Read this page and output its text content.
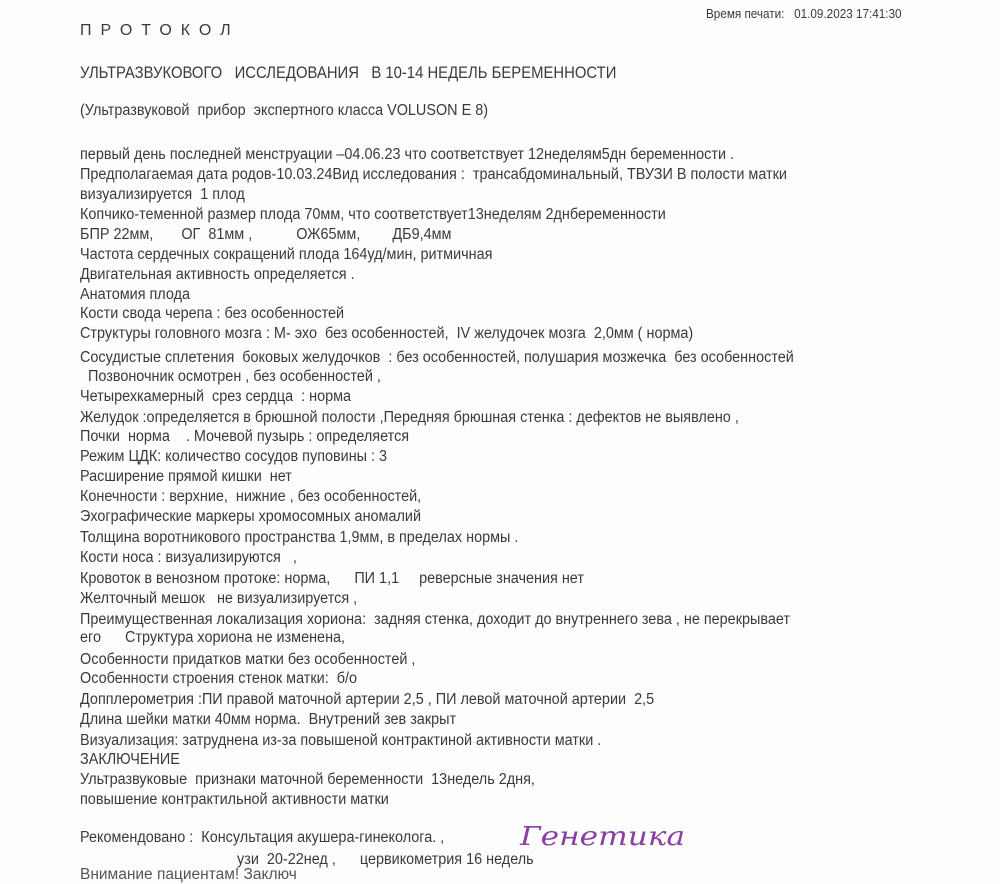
Время печати: 01.09.2023 17:41:30
ПРОТОКОЛ
УЛЬТРАЗВУКОВОГО   ИССЛЕДОВАНИЯ   В 10-14 НЕДЕЛЬ БЕРЕМЕННОСТИ
(Ультразвуковой  прибор  экспертного класса VOLUSON E 8)
первый день последней менструации –04.06.23 что соответствует 12неделям5дн беременности .
Предполагаемая дата родов-10.03.24Вид исследования :  трансабдоминальный, ТВУЗИ В полости матки
визуализируется  1 плод
Копчико-теменной размер плода 70мм, что соответствует13неделям 2днбеременности
БПР 22мм,       ОГ  81мм ,           ОЖ65мм,        ДБ9,4мм
Частота сердечных сокращений плода 164уд/мин, ритмичная
Двигательная активность определяется .
Анатомия плода
Кости свода черепа : без особенностей
Структуры головного мозга : М- эхо  без особенностей,  IV желудочек мозга  2,0мм ( норма)
Сосудистые сплетения  боковых желудочков  : без особенностей, полушария мозжечка  без особенностей
Позвоночник осмотрен , без особенностей ,
Четырехкамерный  срез сердца  : норма
Желудок :определяется в брюшной полости ,Передняя брюшная стенка : дефектов не выявлено ,
Почки  норма    . Мочевой пузырь : определяется
Режим ЦДК: количество сосудов пуповины : 3
Расширение прямой кишки  нет
Конечности : верхние,  нижние , без особенностей,
Эхографические маркеры хромосомных аномалий
Толщина воротникового пространства 1,9мм, в пределах нормы .
Кости носа : визуализируются   ,
Кровоток в венозном протоке: норма,      ПИ 1,1     реверсные значения нет
Желточный мешок   не визуализируется ,
Преимущественная локализация хориона:  задняя стенка, доходит до внутреннего зева , не перекрывает
его      Структура хориона не изменена,
Особенности придатков матки без особенностей ,
Особенности строения стенок матки:  б/о
Допплерометрия :ПИ правой маточной артерии 2,5 , ПИ левой маточной артерии  2,5
Длина шейки матки 40мм норма.  Внутрений зев закрыт
Визуализация: затруднена из-за повышеной контрактиной активности матки .
ЗАКЛЮЧЕНИЕ
Ультразвуковые  признаки маточной беременности  13недель 2дня,
повышение контрактильной активности матки
Рекомендовано :  Консультация акушера-гинеколога. ,	Генетика
узи  20-22нед ,      цервикометрия 16 недель
Внимание пациентам! Заключ
